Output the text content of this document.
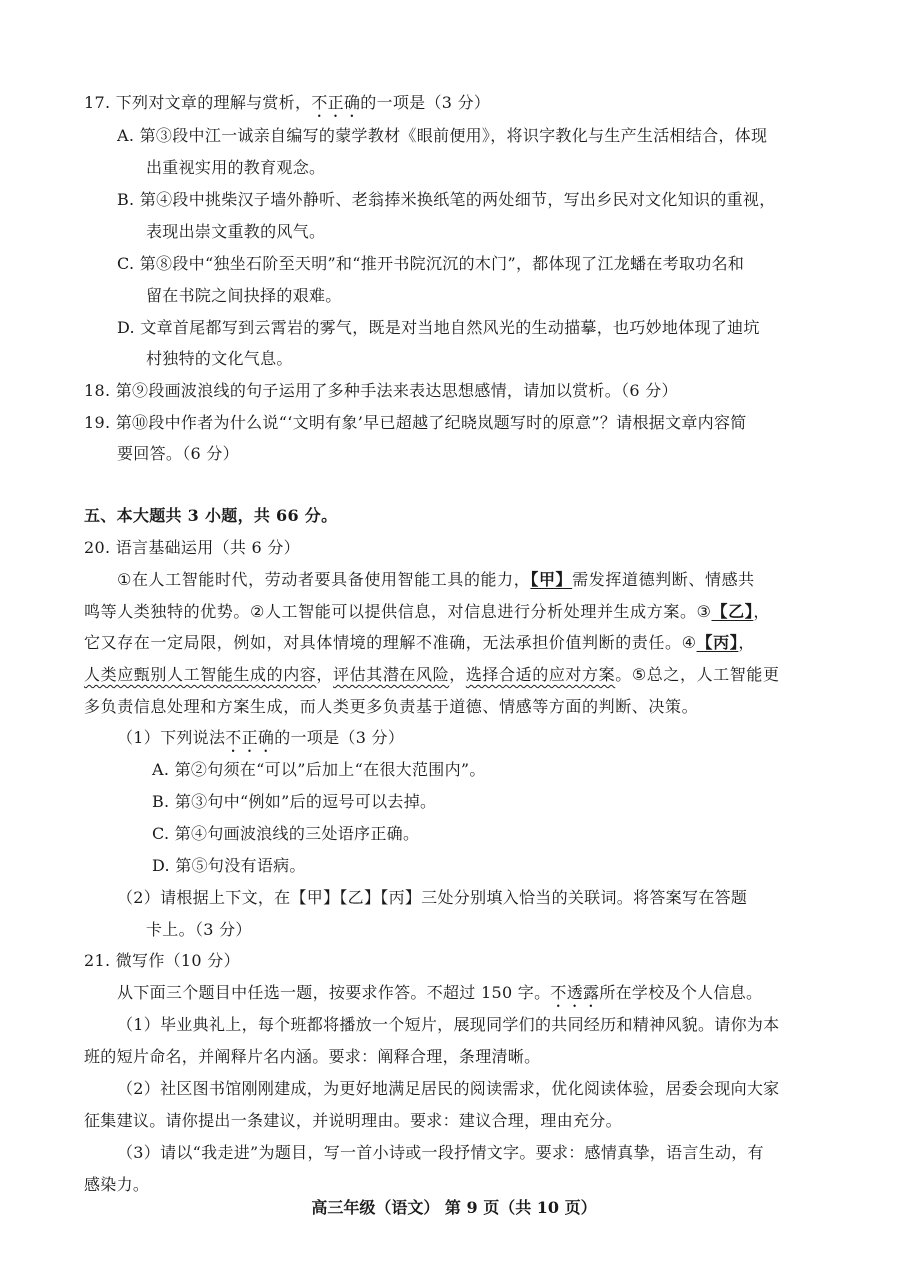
17. 下列对文章的理解与赏析，不正确的一项是（3 分）
A. 第③段中江一诚亲自编写的蒙学教材《眼前便用》，将识字教化与生产生活相结合，体现
出重视实用的教育观念。
B. 第④段中挑柴汉子墙外静听、老翁捧米换纸笔的两处细节，写出乡民对文化知识的重视，
表现出崇文重教的风气。
C. 第⑧段中“独坐石阶至天明”和“推开书院沉沉的木门”，都体现了江龙蟠在考取功名和
留在书院之间抉择的艰难。
D. 文章首尾都写到云霄岩的雾气，既是对当地自然风光的生动描摹，也巧妙地体现了迪坑
村独特的文化气息。
18. 第⑨段画波浪线的句子运用了多种手法来表达思想感情，请加以赏析。（6 分）
19. 第⑩段中作者为什么说“‘文明有象’早已超越了纪晓岚题写时的原意”？请根据文章内容简
要回答。（6 分）
五、本大题共 3 小题，共 66 分。
20. 语言基础运用（共 6 分）
①在人工智能时代，劳动者要具备使用智能工具的能力，【甲】需发挥道德判断、情感共
鸣等人类独特的优势。②人工智能可以提供信息，对信息进行分析处理并生成方案。③【乙】，
它又存在一定局限，例如，对具体情境的理解不准确，无法承担价值判断的责任。④【丙】，
人类应甄别人工智能生成的内容，评估其潜在风险，选择合适的应对方案。⑤总之，人工智能更
多负责信息处理和方案生成，而人类更多负责基于道德、情感等方面的判断、决策。
（1）下列说法不正确的一项是（3 分）
A. 第②句须在“可以”后加上“在很大范围内”。
B. 第③句中“例如”后的逗号可以去掉。
C. 第④句画波浪线的三处语序正确。
D. 第⑤句没有语病。
（2）请根据上下文，在【甲】【乙】【丙】三处分别填入恰当的关联词。将答案写在答题
卡上。（3 分）
21. 微写作（10 分）
从下面三个题目中任选一题，按要求作答。不超过 150 字。不透露所在学校及个人信息。
（1）毕业典礼上，每个班都将播放一个短片，展现同学们的共同经历和精神风貌。请你为本
班的短片命名，并阐释片名内涵。要求：阐释合理，条理清晰。
（2）社区图书馆刚刚建成，为更好地满足居民的阅读需求，优化阅读体验，居委会现向大家
征集建议。请你提出一条建议，并说明理由。要求：建议合理，理由充分。
（3）请以“我走进”为题目，写一首小诗或一段抒情文字。要求：感情真挚，语言生动，有
感染力。
高三年级（语文） 第 9 页（共 10 页）
